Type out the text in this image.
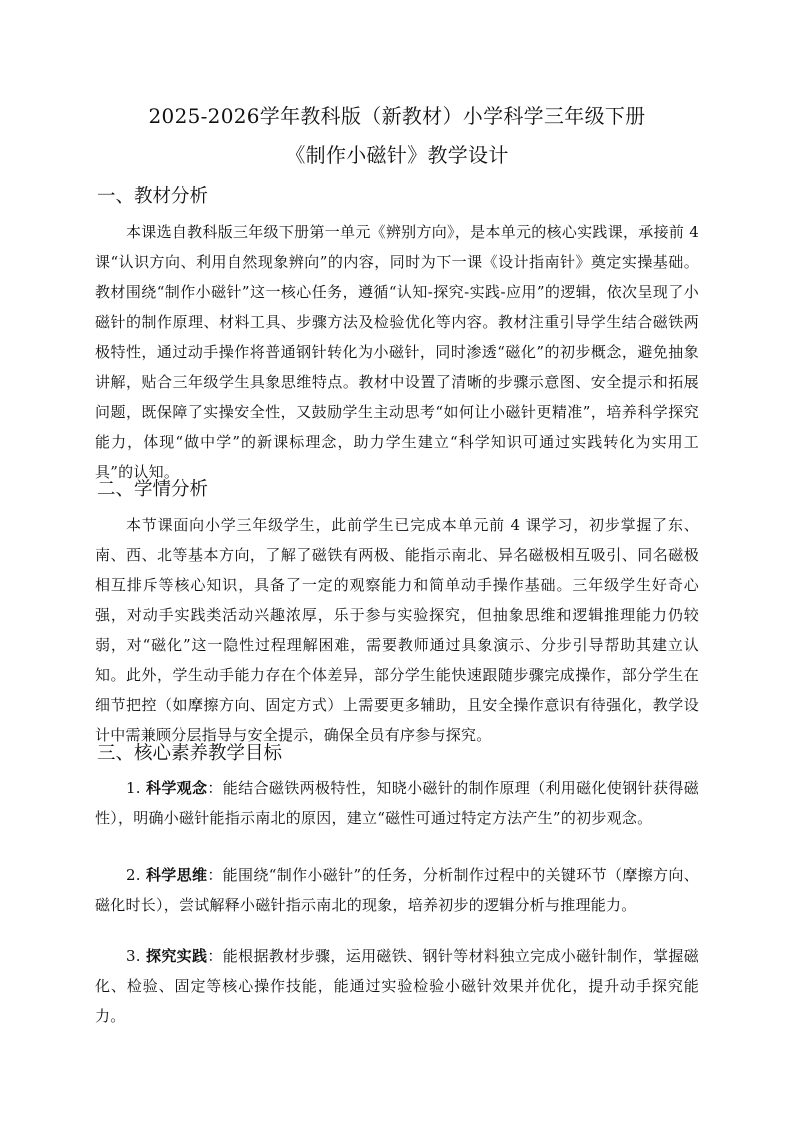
2025-2026学年教科版（新教材）小学科学三年级下册
《制作小磁针》教学设计
一、教材分析

本课选自教科版三年级下册第一单元《辨别方向》，是本单元的核心实践课，承接前 4 课“认识方向、利用自然现象辨向”的内容，同时为下一课《设计指南针》奠定实操基础。教材围绕“制作小磁针”这一核心任务，遵循“认知-探究-实践-应用”的逻辑，依次呈现了小磁针的制作原理、材料工具、步骤方法及检验优化等内容。教材注重引导学生结合磁铁两极特性，通过动手操作将普通钢针转化为小磁针，同时渗透“磁化”的初步概念，避免抽象讲解，贴合三年级学生具象思维特点。教材中设置了清晰的步骤示意图、安全提示和拓展问题，既保障了实操安全性，又鼓励学生主动思考“如何让小磁针更精准”，培养科学探究能力，体现“做中学”的新课标理念，助力学生建立“科学知识可通过实践转化为实用工具”的认知。

二、学情分析

本节课面向小学三年级学生，此前学生已完成本单元前 4 课学习，初步掌握了东、南、西、北等基本方向，了解了磁铁有两极、能指示南北、异名磁极相互吸引、同名磁极相互排斥等核心知识，具备了一定的观察能力和简单动手操作基础。三年级学生好奇心强，对动手实践类活动兴趣浓厚，乐于参与实验探究，但抽象思维和逻辑推理能力仍较弱，对“磁化”这一隐性过程理解困难，需要教师通过具象演示、分步引导帮助其建立认知。此外，学生动手能力存在个体差异，部分学生能快速跟随步骤完成操作，部分学生在细节把控（如摩擦方向、固定方式）上需要更多辅助，且安全操作意识有待强化，教学设计中需兼顾分层指导与安全提示，确保全员有序参与探究。

三、核心素养教学目标

1. 科学观念：能结合磁铁两极特性，知晓小磁针的制作原理（利用磁化使钢针获得磁性），明确小磁针能指示南北的原因，建立“磁性可通过特定方法产生”的初步观念。

2. 科学思维：能围绕“制作小磁针”的任务，分析制作过程中的关键环节（摩擦方向、磁化时长），尝试解释小磁针指示南北的现象，培养初步的逻辑分析与推理能力。

3. 探究实践：能根据教材步骤，运用磁铁、钢针等材料独立完成小磁针制作，掌握磁化、检验、固定等核心操作技能，能通过实验检验小磁针效果并优化，提升动手探究能力。
